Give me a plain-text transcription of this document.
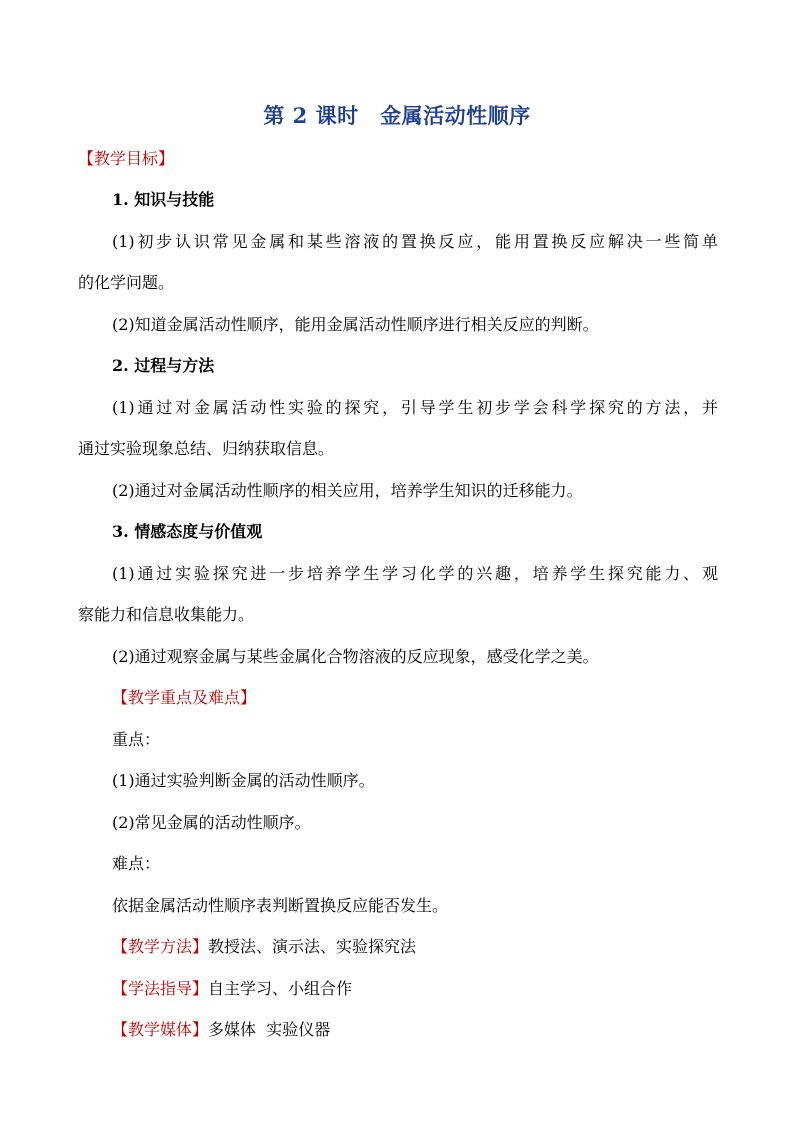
第 2 课时　金属活动性顺序
【教学目标】
1. 知识与技能
(1)初步认识常见金属和某些溶液的置换反应，能用置换反应解决一些简单
的化学问题。
(2)知道金属活动性顺序，能用金属活动性顺序进行相关反应的判断。
2. 过程与方法
(1)通过对金属活动性实验的探究，引导学生初步学会科学探究的方法，并
通过实验现象总结、归纳获取信息。
(2)通过对金属活动性顺序的相关应用，培养学生知识的迁移能力。
3. 情感态度与价值观
(1)通过实验探究进一步培养学生学习化学的兴趣，培养学生探究能力、观
察能力和信息收集能力。
(2)通过观察金属与某些金属化合物溶液的反应现象，感受化学之美。
【教学重点及难点】
重点：
(1)通过实验判断金属的活动性顺序。
(2)常见金属的活动性顺序。
难点：
依据金属活动性顺序表判断置换反应能否发生。
【教学方法】教授法、演示法、实验探究法
【学法指导】自主学习、小组合作
【教学媒体】多媒体  实验仪器
